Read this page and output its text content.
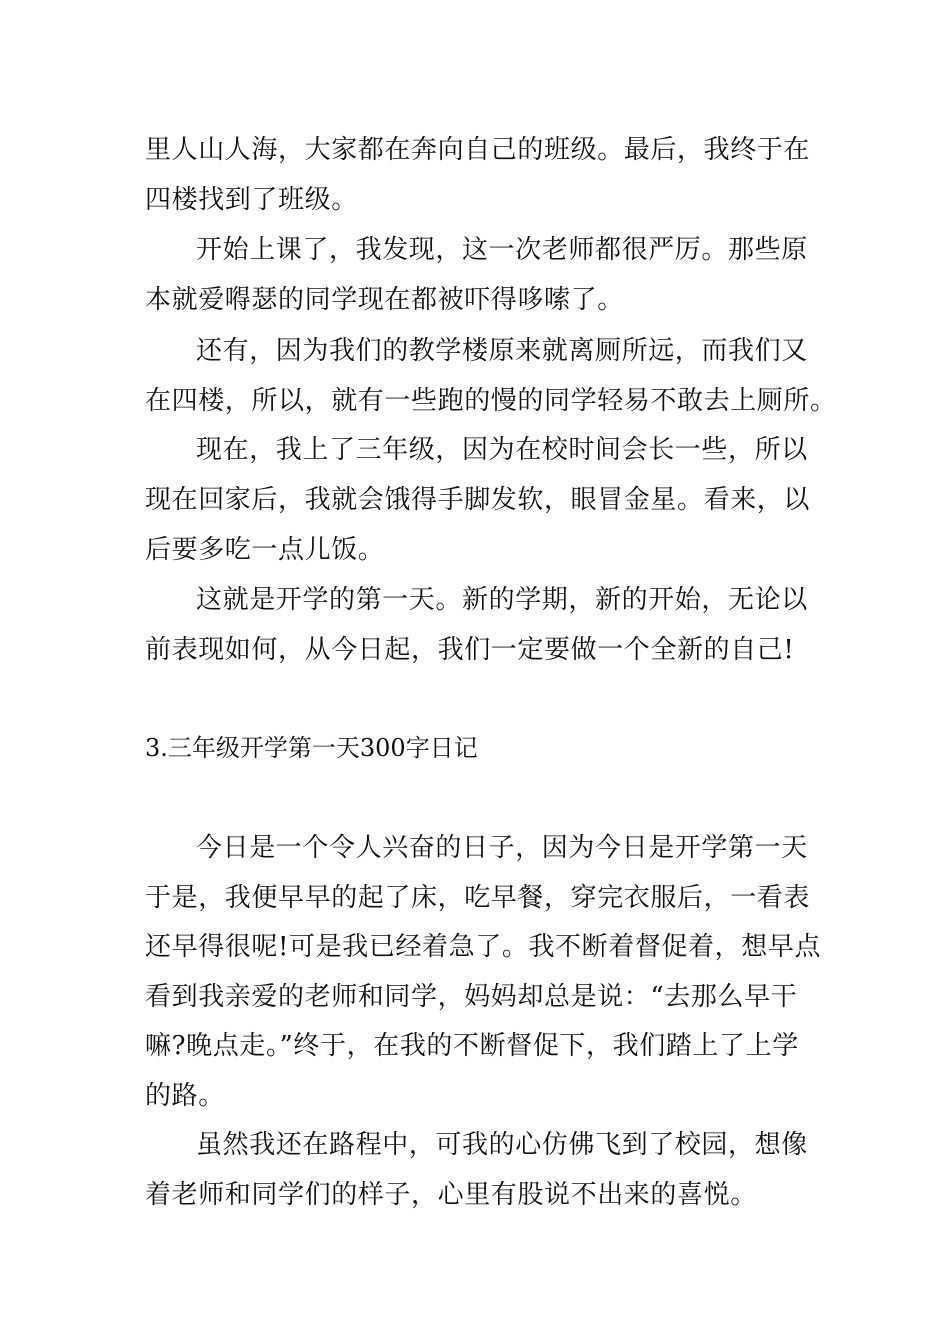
里人山人海，大家都在奔向自己的班级。最后，我终于在
四楼找到了班级。
开始上课了，我发现，这一次老师都很严厉。那些原
本就爱嘚瑟的同学现在都被吓得哆嗦了。
还有，因为我们的教学楼原来就离厕所远，而我们又
在四楼，所以，就有一些跑的慢的同学轻易不敢去上厕所。
现在，我上了三年级，因为在校时间会长一些，所以
现在回家后，我就会饿得手脚发软，眼冒金星。看来，以
后要多吃一点儿饭。
这就是开学的第一天。新的学期，新的开始，无论以
前表现如何，从今日起，我们一定要做一个全新的自己!
3.三年级开学第一天300字日记
今日是一个令人兴奋的日子，因为今日是开学第一天
于是，我便早早的起了床，吃早餐，穿完衣服后，一看表
还早得很呢!可是我已经着急了。我不断着督促着，想早点
看到我亲爱的老师和同学，妈妈却总是说：“去那么早干
嘛?晚点走。”终于，在我的不断督促下，我们踏上了上学
的路。
虽然我还在路程中，可我的心仿佛飞到了校园，想像
着老师和同学们的样子，心里有股说不出来的喜悦。
